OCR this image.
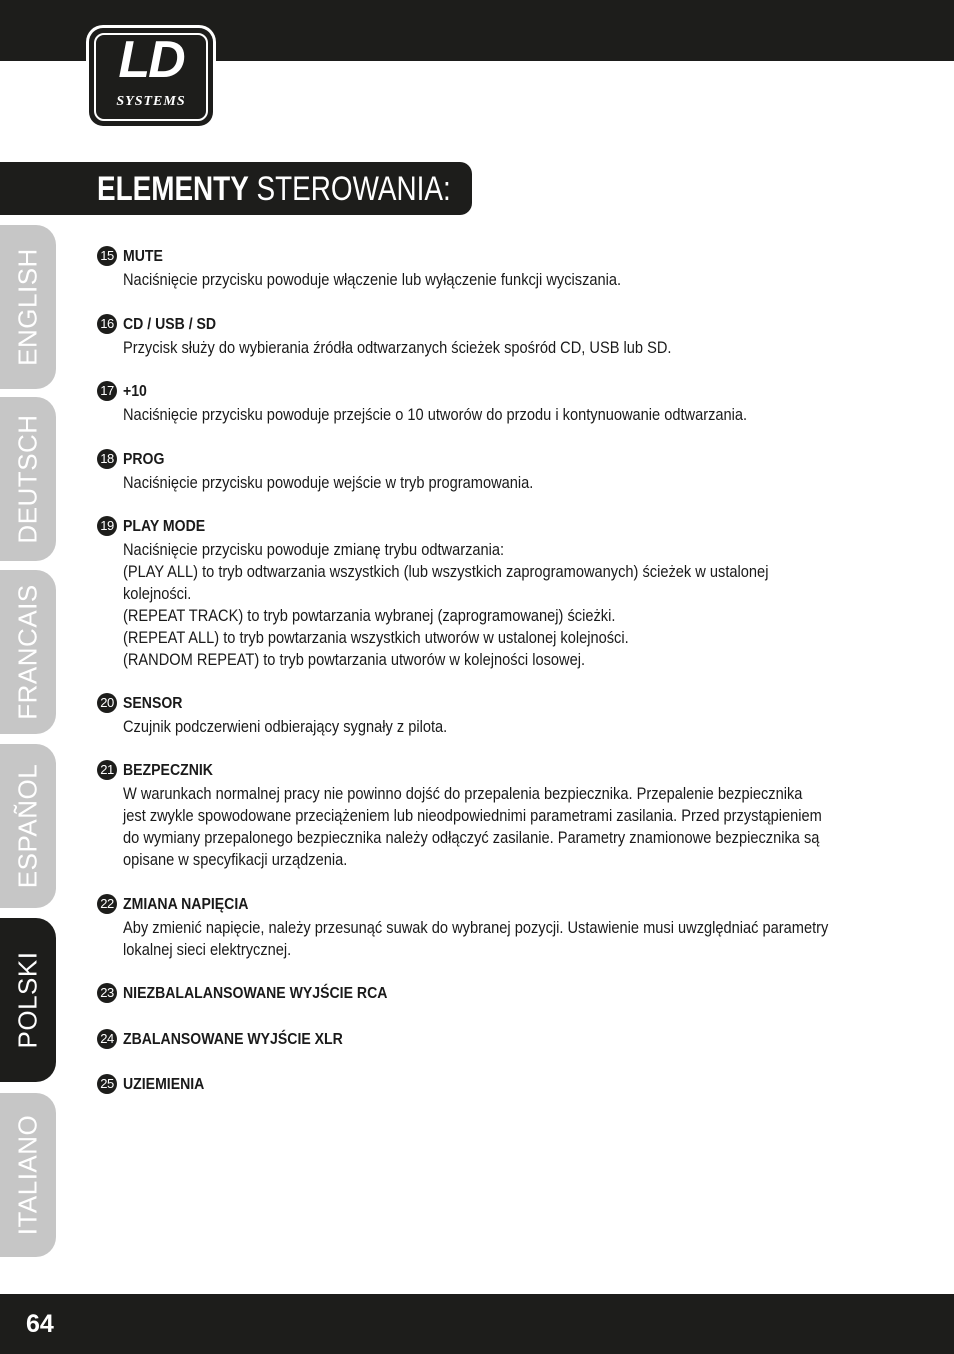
LD
SYSTEMS
ELEMENTY STEROWANIA:
ENGLISH
DEUTSCH
FRANCAIS
ESPAÑOL
POLSKI
ITALIANO
15 MUTE
Naciśnięcie przycisku powoduje włączenie lub wyłączenie funkcji wyciszania.
16 CD / USB / SD
Przycisk służy do wybierania źródła odtwarzanych ścieżek spośród CD, USB lub SD.
17 +10
Naciśnięcie przycisku powoduje przejście o 10 utworów do przodu i kontynuowanie odtwarzania.
18 PROG
Naciśnięcie przycisku powoduje wejście w tryb programowania.
19 PLAY MODE
Naciśnięcie przycisku powoduje zmianę trybu odtwarzania:
(PLAY ALL) to tryb odtwarzania wszystkich (lub wszystkich zaprogramowanych) ścieżek w ustalonej
kolejności.
(REPEAT TRACK) to tryb powtarzania wybranej (zaprogramowanej) ścieżki.
(REPEAT ALL) to tryb powtarzania wszystkich utworów w ustalonej kolejności.
(RANDOM REPEAT) to tryb powtarzania utworów w kolejności losowej.
20 SENSOR
Czujnik podczerwieni odbierający sygnały z pilota.
21 BEZPECZNIK
W warunkach normalnej pracy nie powinno dojść do przepalenia bezpiecznika. Przepalenie bezpiecznika
jest zwykle spowodowane przeciążeniem lub nieodpowiednimi parametrami zasilania. Przed przystąpieniem
do wymiany przepalonego bezpiecznika należy odłączyć zasilanie. Parametry znamionowe bezpiecznika są
opisane w specyfikacji urządzenia.
22 ZMIANA NAPIĘCIA
Aby zmienić napięcie, należy przesunąć suwak do wybranej pozycji. Ustawienie musi uwzględniać parametry
lokalnej sieci elektrycznej.
23 NIEZBALALANSOWANE WYJŚCIE RCA
24 ZBALANSOWANE WYJŚCIE XLR
25 UZIEMIENIA
64
